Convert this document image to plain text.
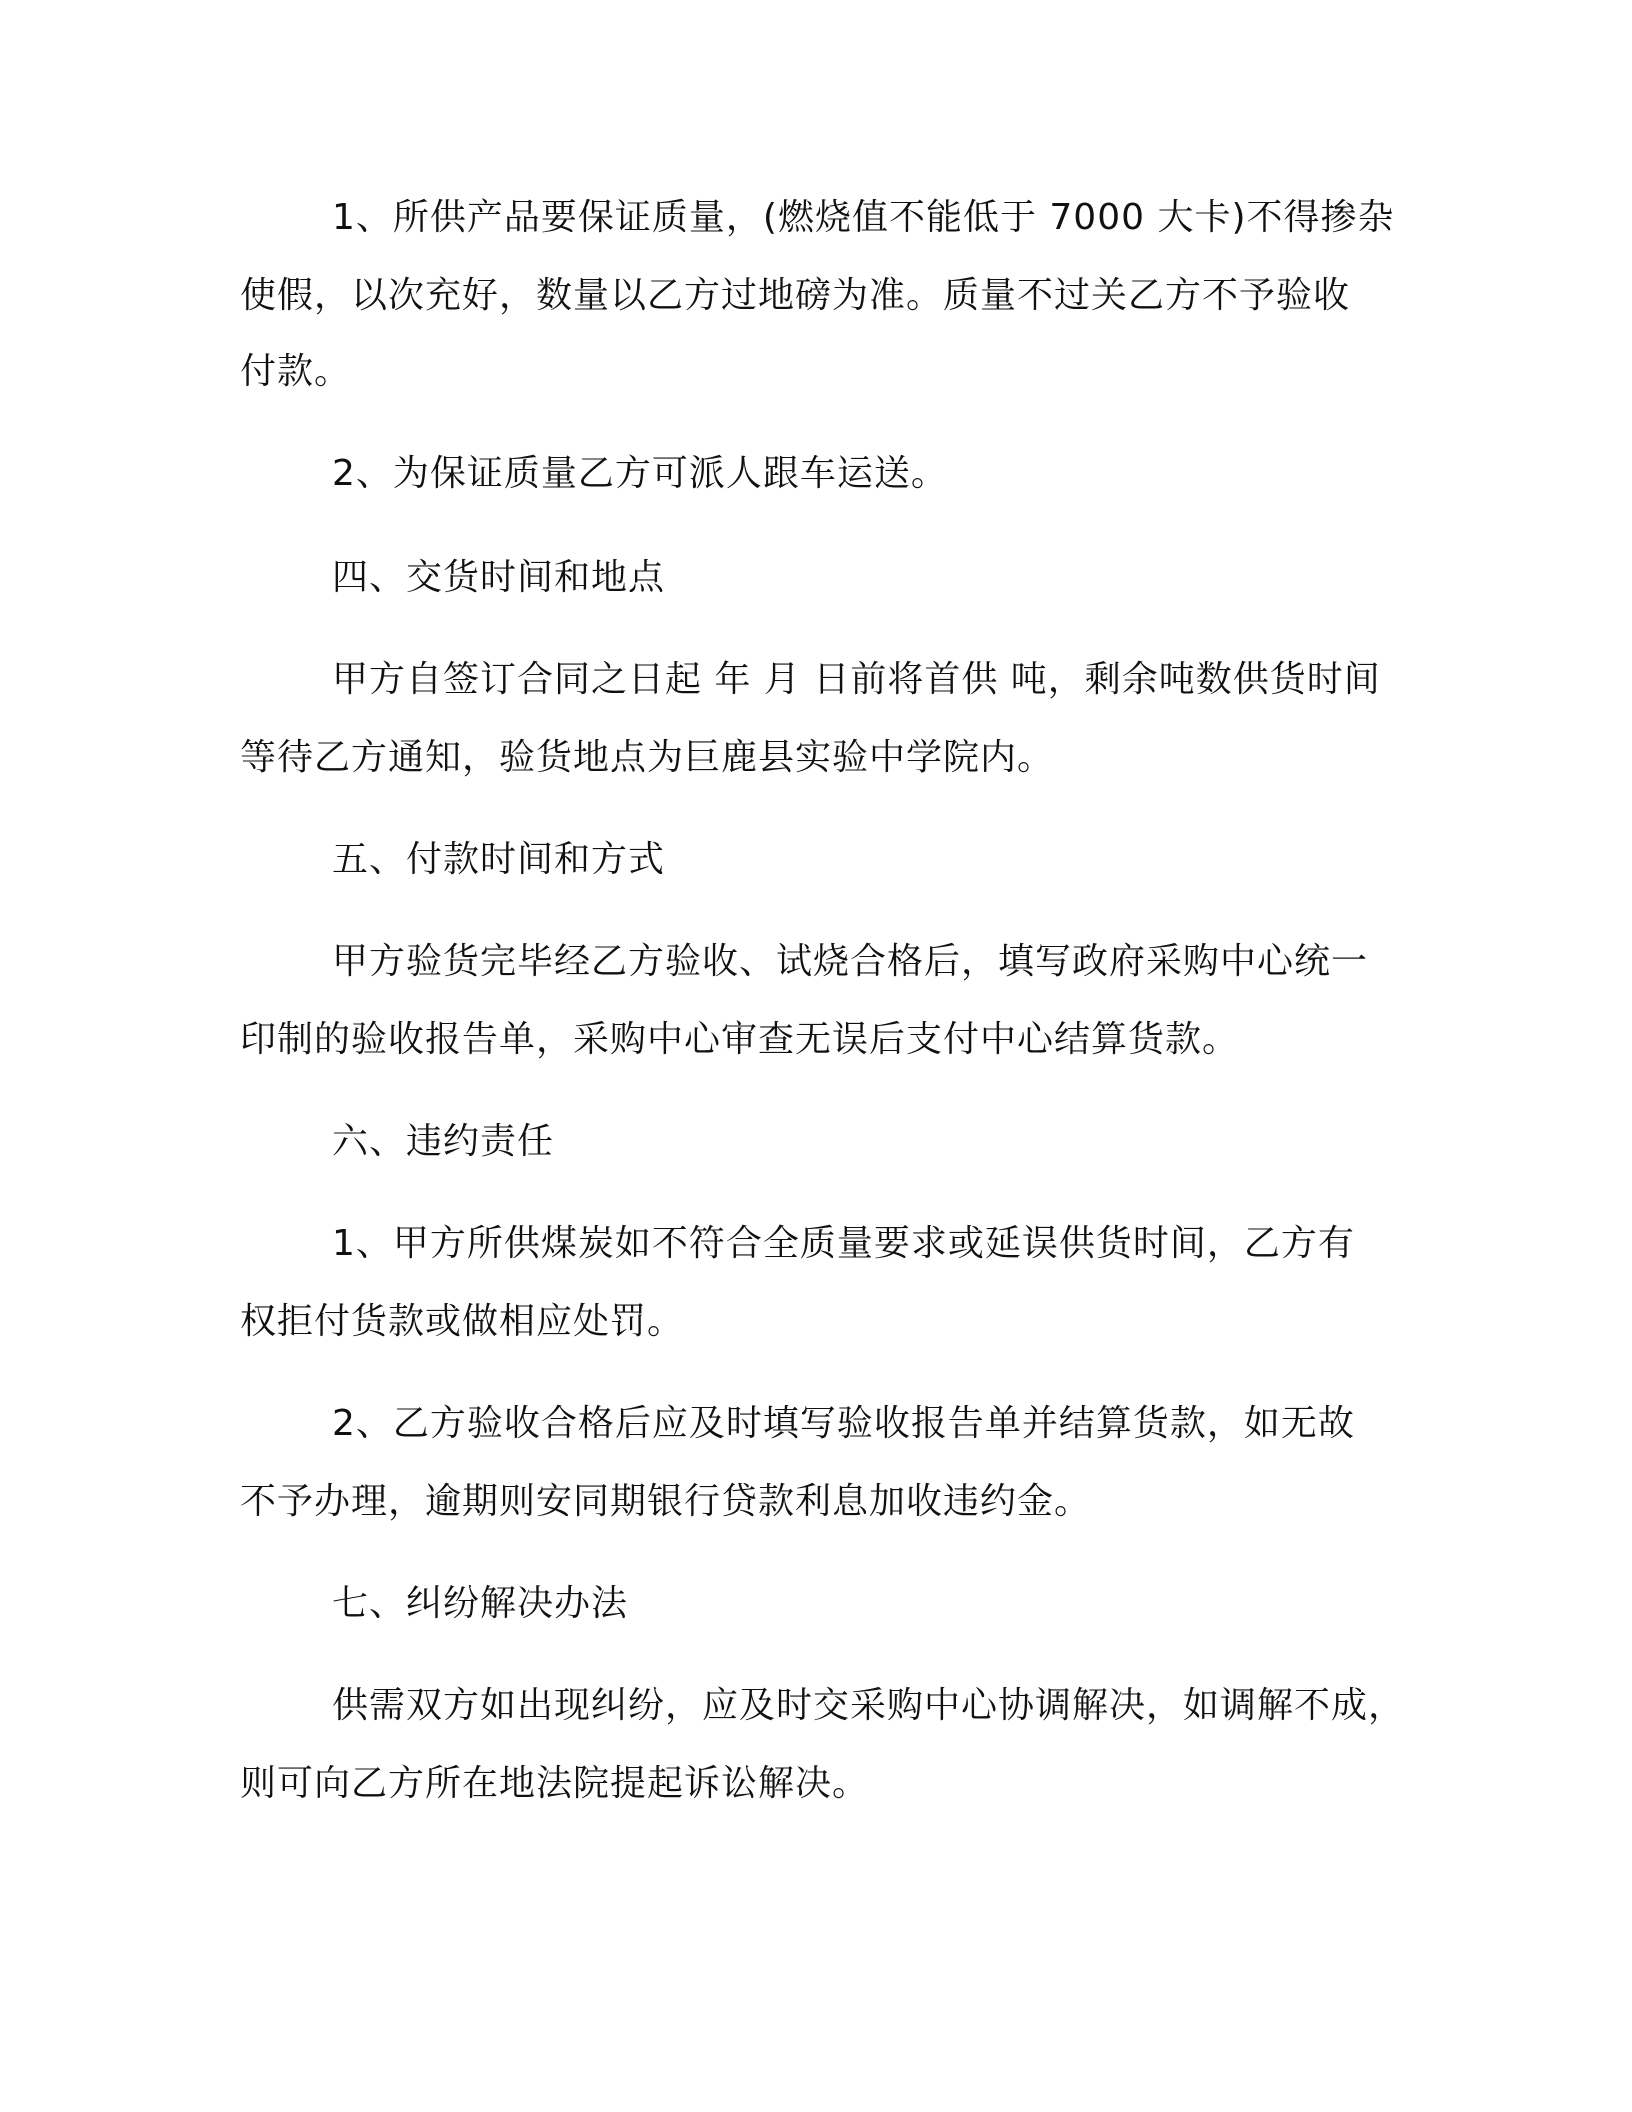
1、所供产品要保证质量，(燃烧值不能低于 7000 大卡)不得掺杂
使假，以次充好，数量以乙方过地磅为准。质量不过关乙方不予验收
付款。
2、为保证质量乙方可派人跟车运送。
四、交货时间和地点
甲方自签订合同之日起 年 月 日前将首供 吨，剩余吨数供货时间
等待乙方通知，验货地点为巨鹿县实验中学院内。
五、付款时间和方式
甲方验货完毕经乙方验收、试烧合格后，填写政府采购中心统一
印制的验收报告单，采购中心审查无误后支付中心结算货款。
六、违约责任
1、甲方所供煤炭如不符合全质量要求或延误供货时间，乙方有
权拒付货款或做相应处罚。
2、乙方验收合格后应及时填写验收报告单并结算货款，如无故
不予办理，逾期则安同期银行贷款利息加收违约金。
七、纠纷解决办法
供需双方如出现纠纷，应及时交采购中心协调解决，如调解不成，
则可向乙方所在地法院提起诉讼解决。
